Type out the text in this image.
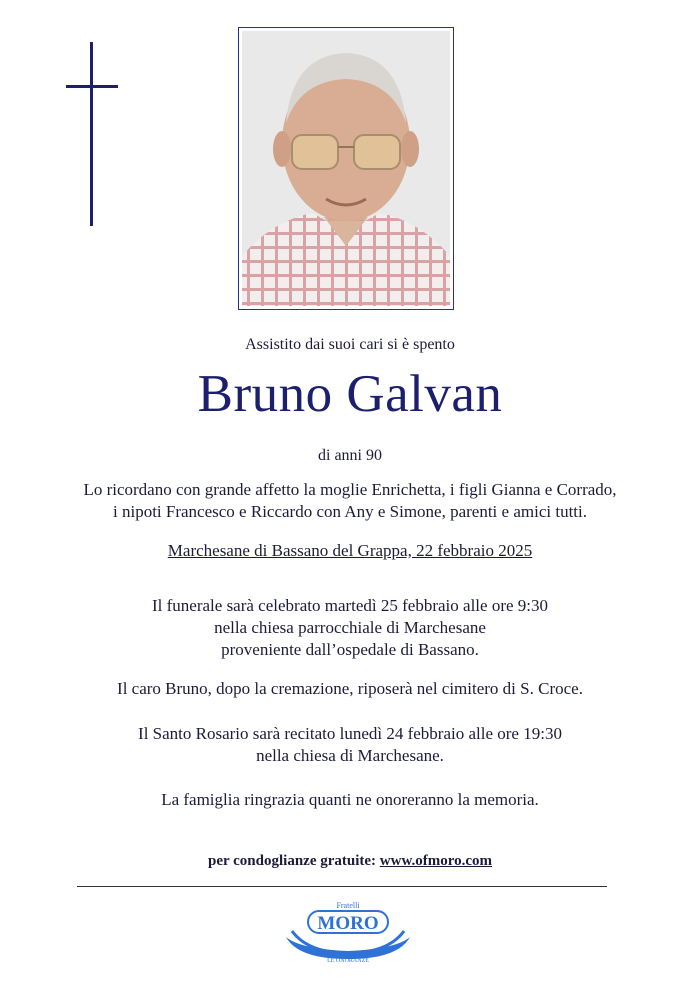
Assistito dai suoi cari si è spento
Bruno Galvan
di anni 90
Lo ricordano con grande affetto la moglie Enrichetta, i figli Gianna e Corrado,
i nipoti Francesco e Riccardo con Any e Simone, parenti e amici tutti.
Marchesane di Bassano del Grappa, 22 febbraio 2025
Il funerale sarà celebrato martedì 25 febbraio alle ore 9:30
nella chiesa parrocchiale di Marchesane
proveniente dall’ospedale di Bassano.
Il caro Bruno, dopo la cremazione, riposerà nel cimitero di S. Croce.
Il Santo Rosario sarà recitato lunedì 24 febbraio alle ore 19:30
nella chiesa di Marchesane.
La famiglia ringrazia quanti ne onoreranno la memoria.
per condoglianze gratuite: www.ofmoro.com
Fratelli
MORO
LE ONORANZE
